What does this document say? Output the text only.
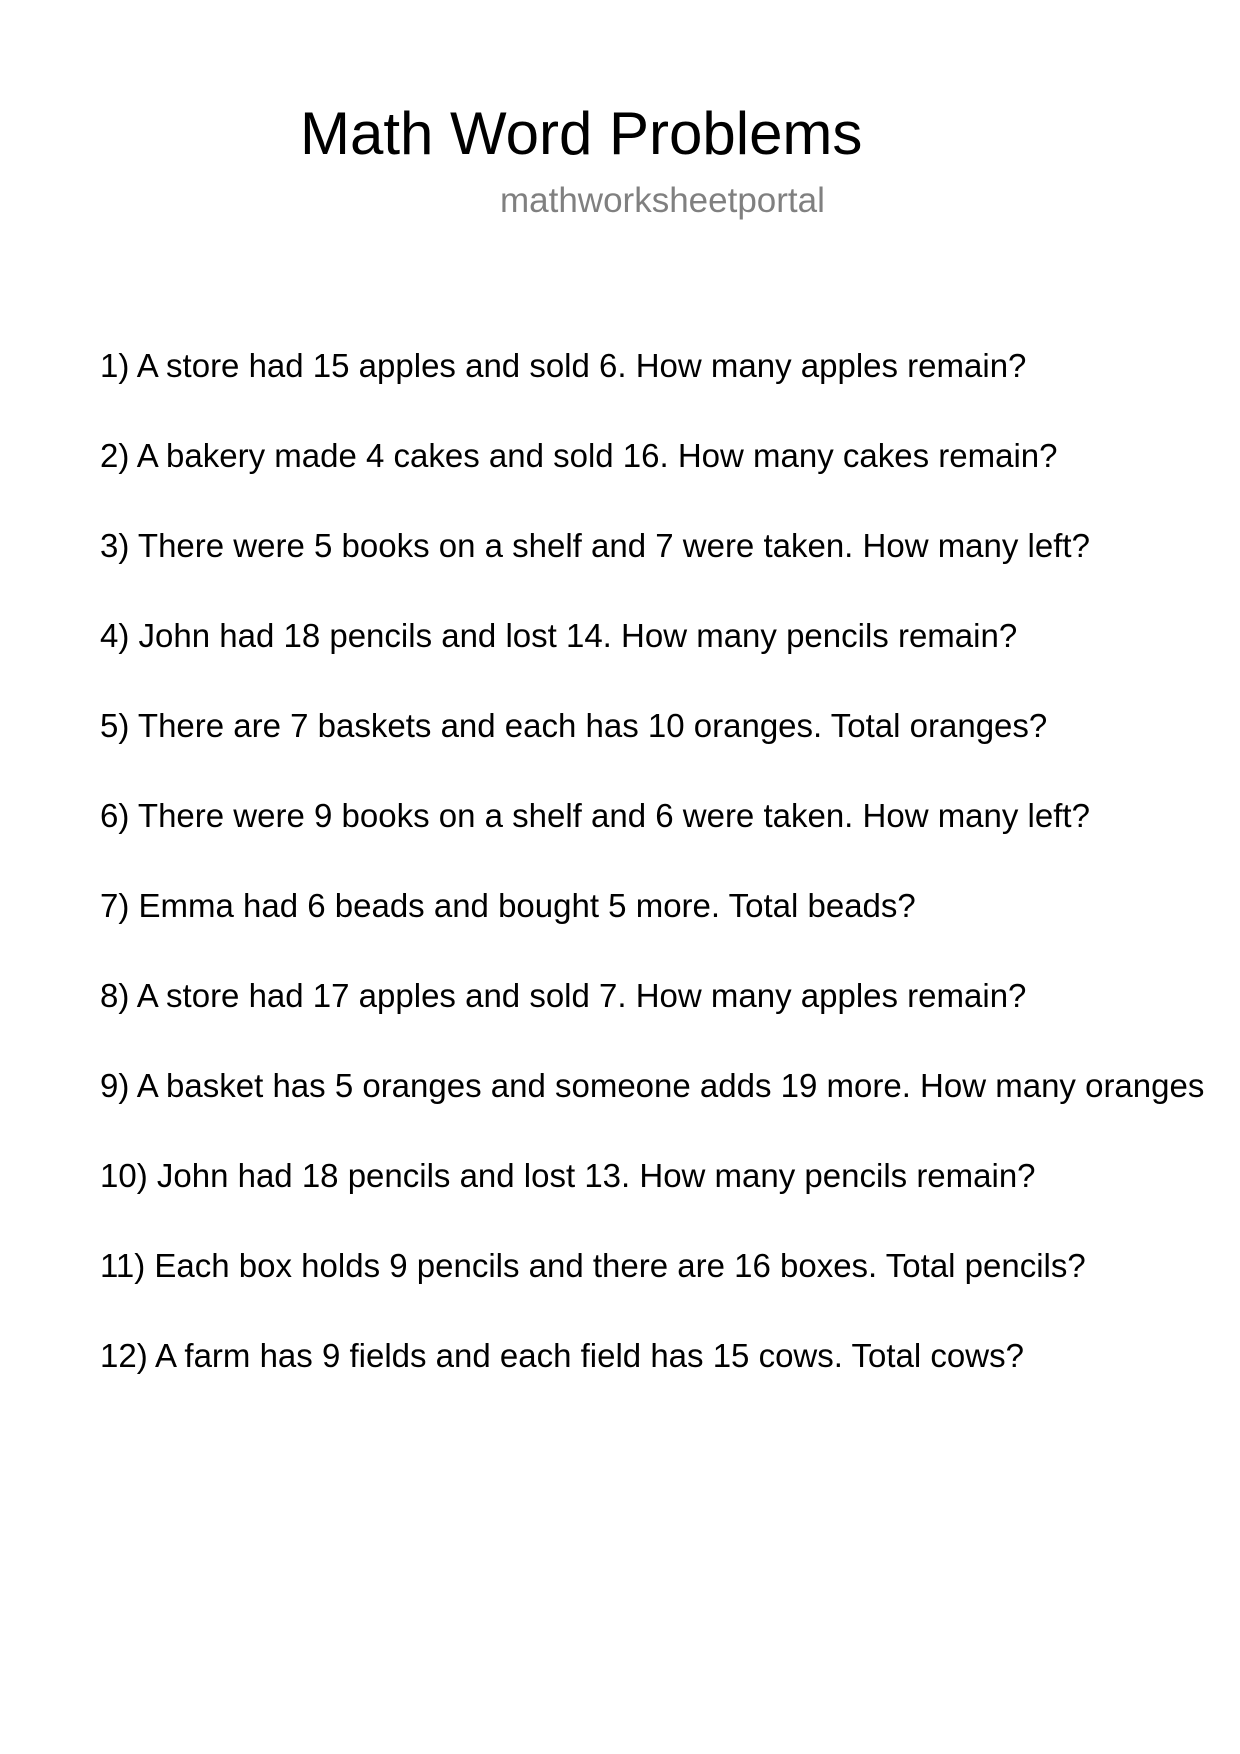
Math Word Problems
mathworksheetportal
1) A store had 15 apples and sold 6. How many apples remain?
2) A bakery made 4 cakes and sold 16. How many cakes remain?
3) There were 5 books on a shelf and 7 were taken. How many left?
4) John had 18 pencils and lost 14. How many pencils remain?
5) There are 7 baskets and each has 10 oranges. Total oranges?
6) There were 9 books on a shelf and 6 were taken. How many left?
7) Emma had 6 beads and bought 5 more. Total beads?
8) A store had 17 apples and sold 7. How many apples remain?
9) A basket has 5 oranges and someone adds 19 more. How many oranges
10) John had 18 pencils and lost 13. How many pencils remain?
11) Each box holds 9 pencils and there are 16 boxes. Total pencils?
12) A farm has 9 fields and each field has 15 cows. Total cows?
